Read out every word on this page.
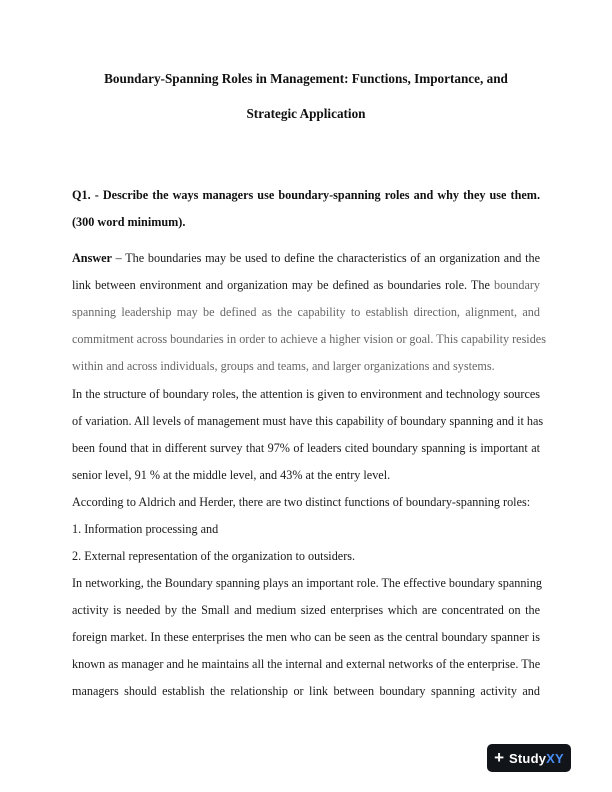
Boundary-Spanning Roles in Management: Functions, Importance, and
Strategic Application
Q1. - Describe the ways managers use boundary-spanning roles and why they use them.
(300 word minimum).
Answer – The boundaries may be used to define the characteristics of an organization and the
link between environment and organization may be defined as boundaries role. The boundary
spanning leadership may be defined as the capability to establish direction, alignment, and
commitment across boundaries in order to achieve a higher vision or goal. This capability resides
within and across individuals, groups and teams, and larger organizations and systems.
In the structure of boundary roles, the attention is given to environment and technology sources
of variation. All levels of management must have this capability of boundary spanning and it has
been found that in different survey that 97% of leaders cited boundary spanning is important at
senior level, 91 % at the middle level, and 43% at the entry level.
According to Aldrich and Herder, there are two distinct functions of boundary-spanning roles:
1. Information processing and
2. External representation of the organization to outsiders.
In networking, the Boundary spanning plays an important role. The effective boundary spanning
activity is needed by the Small and medium sized enterprises which are concentrated on the
foreign market. In these enterprises the men who can be seen as the central boundary spanner is
known as manager and he maintains all the internal and external networks of the enterprise. The
managers should establish the relationship or link between boundary spanning activity and
+ StudyXY
